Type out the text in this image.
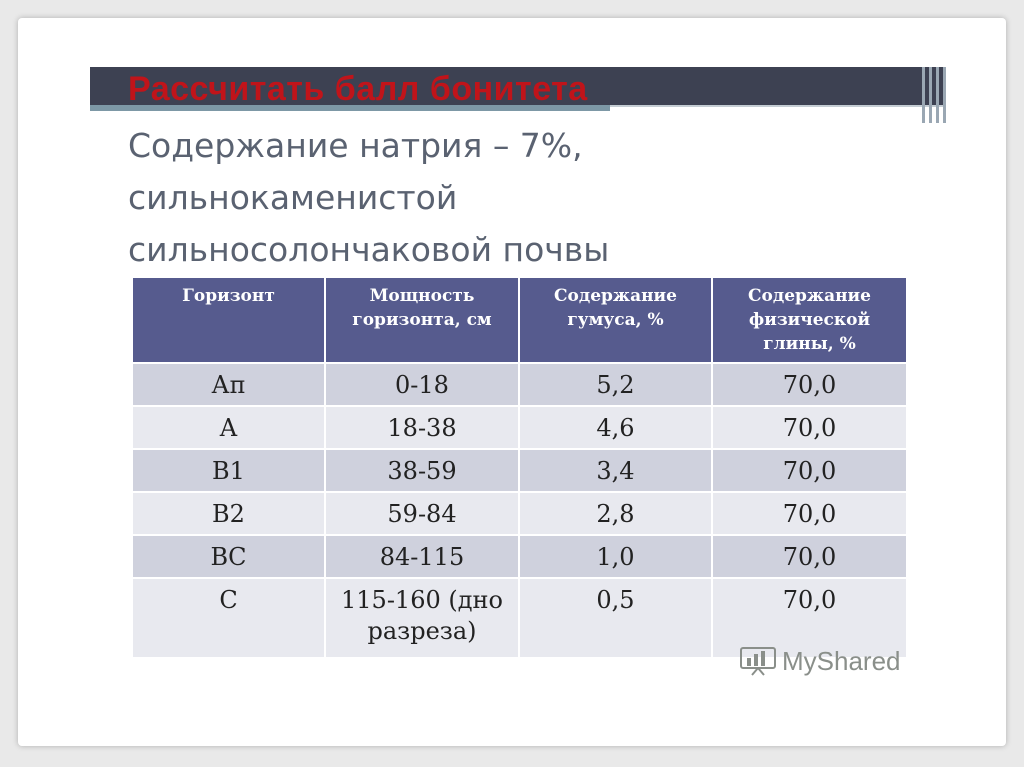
Рассчитать балл бонитета
Содержание натрия – 7%,
сильнокаменистой
сильносолончаковой почвы
Горизонт	Мощность горизонта, см	Содержание гумуса, %	Содержание физической глины, %
Ап	0-18	5,2	70,0
А	18-38	4,6	70,0
В1	38-59	3,4	70,0
В2	59-84	2,8	70,0
ВС	84-115	1,0	70,0
С	115-160 (дно разреза)	0,5	70,0
MyShared
